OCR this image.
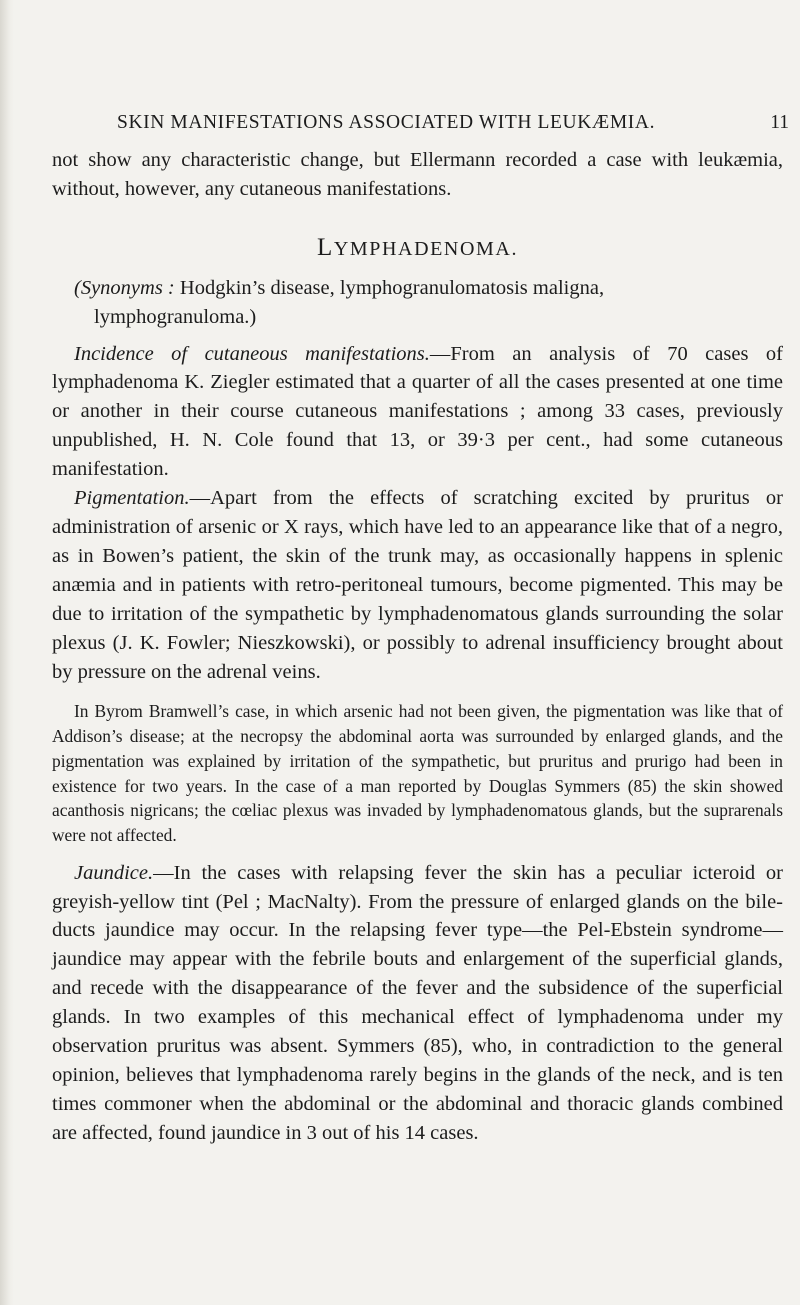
SKIN MANIFESTATIONS ASSOCIATED WITH LEUKÆMIA.	11

not show any characteristic change, but Ellermann recorded a case with leukæmia, without, however, any cutaneous manifestations.

LYMPHADENOMA.

(Synonyms : Hodgkin’s disease, lymphogranulomatosis maligna,
lymphogranuloma.)

Incidence of cutaneous manifestations.—From an analysis of 70 cases of lymphadenoma K. Ziegler estimated that a quarter of all the cases presented at one time or another in their course cutaneous manifestations ; among 33 cases, previously unpublished, H. N. Cole found that 13, or 39·3 per cent., had some cutaneous manifestation.

Pigmentation.—Apart from the effects of scratching excited by pruritus or administration of arsenic or X rays, which have led to an appearance like that of a negro, as in Bowen’s patient, the skin of the trunk may, as occasionally happens in splenic anæmia and in patients with retro-peritoneal tumours, become pigmented. This may be due to irritation of the sympathetic by lymphadenomatous glands surrounding the solar plexus (J. K. Fowler; Nieszkowski), or possibly to adrenal insufficiency brought about by pressure on the adrenal veins.

In Byrom Bramwell’s case, in which arsenic had not been given, the pigmentation was like that of Addison’s disease; at the necropsy the abdominal aorta was surrounded by enlarged glands, and the pigmentation was explained by irritation of the sympathetic, but pruritus and prurigo had been in existence for two years. In the case of a man reported by Douglas Symmers (85) the skin showed acanthosis nigricans; the cœliac plexus was invaded by lymphadenomatous glands, but the suprarenals were not affected.

Jaundice.—In the cases with relapsing fever the skin has a peculiar icteroid or greyish-yellow tint (Pel ; MacNalty). From the pressure of enlarged glands on the bile-ducts jaundice may occur. In the relapsing fever type—the Pel-Ebstein syndrome—jaundice may appear with the febrile bouts and enlargement of the superficial glands, and recede with the disappearance of the fever and the subsidence of the superficial glands. In two examples of this mechanical effect of lymphadenoma under my observation pruritus was absent. Symmers (85), who, in contradiction to the general opinion, believes that lymphadenoma rarely begins in the glands of the neck, and is ten times commoner when the abdominal or the abdominal and thoracic glands combined are affected, found jaundice in 3 out of his 14 cases.
